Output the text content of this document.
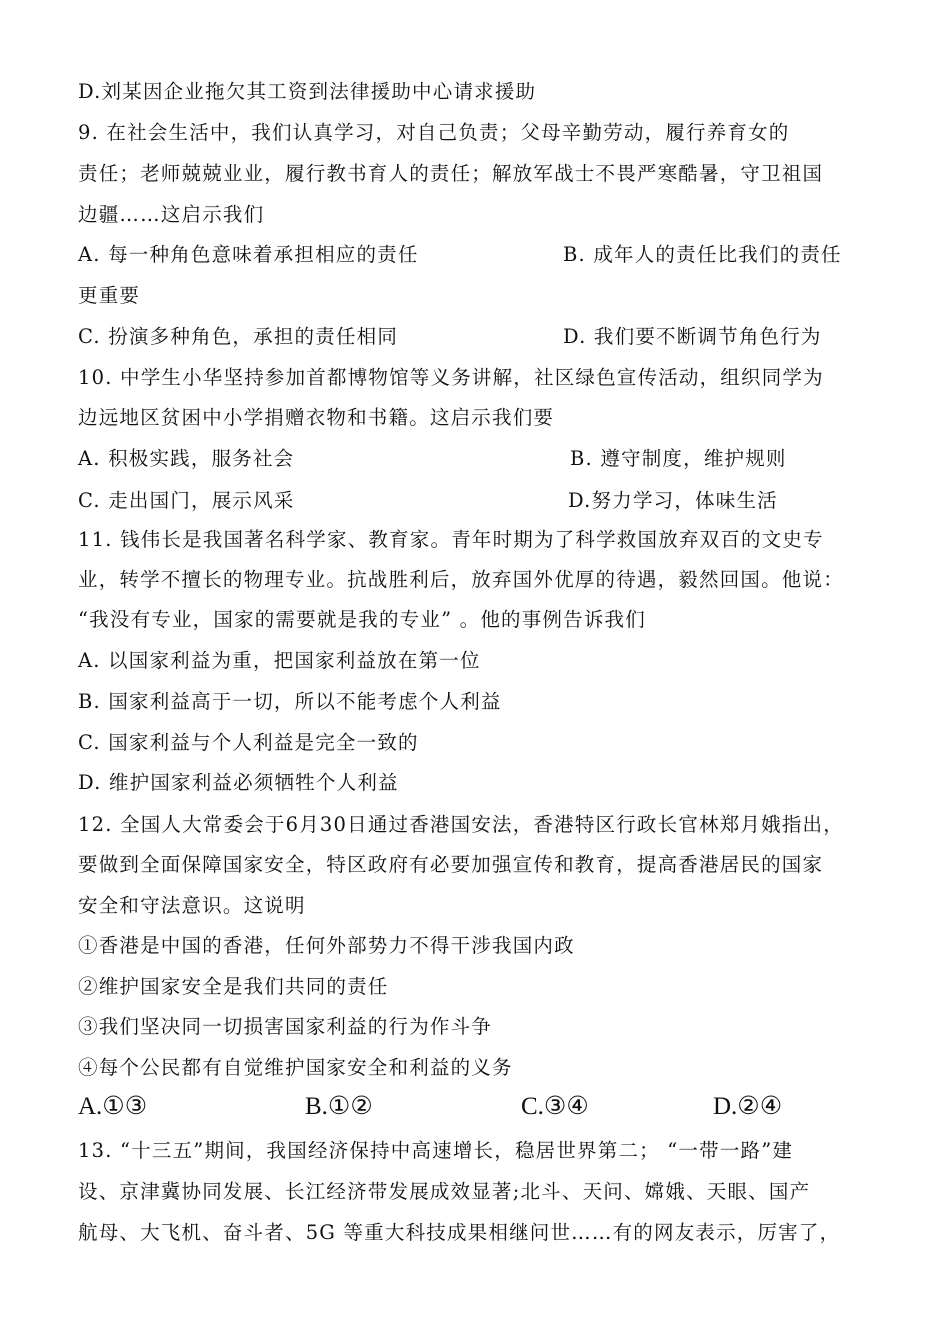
D.刘某因企业拖欠其工资到法律援助中心请求援助
9. 在社会生活中，我们认真学习，对自己负责；父母辛勤劳动，履行养育女的
责任；老师兢兢业业，履行教书育人的责任；解放军战士不畏严寒酷暑，守卫祖国
边疆……这启示我们
A. 每一种角色意味着承担相应的责任	B. 成年人的责任比我们的责任
更重要
C. 扮演多种角色，承担的责任相同	D. 我们要不断调节角色行为
10. 中学生小华坚持参加首都博物馆等义务讲解，社区绿色宣传活动，组织同学为
边远地区贫困中小学捐赠衣物和书籍。这启示我们要
A. 积极实践，服务社会	B. 遵守制度，维护规则
C. 走出国门，展示风采	D.努力学习，体味生活
11. 钱伟长是我国著名科学家、教育家。青年时期为了科学救国放弃双百的文史专
业，转学不擅长的物理专业。抗战胜利后，放弃国外优厚的待遇，毅然回国。他说：
“我没有专业，国家的需要就是我的专业” 。他的事例告诉我们
A. 以国家利益为重，把国家利益放在第一位
B. 国家利益高于一切，所以不能考虑个人利益
C. 国家利益与个人利益是完全一致的
D. 维护国家利益必须牺牲个人利益
12. 全国人大常委会于6月30日通过香港国安法，香港特区行政长官林郑月娥指出，
要做到全面保障国家安全，特区政府有必要加强宣传和教育，提高香港居民的国家
安全和守法意识。这说明
①香港是中国的香港，任何外部势力不得干涉我国内政
②维护国家安全是我们共同的责任
③我们坚决同一切损害国家利益的行为作斗争
④每个公民都有自觉维护国家安全和利益的义务
A.①③	B.①②	C.③④	D.②④
13. “十三五”期间，我国经济保持中高速增长，稳居世界第二； “一带一路”建
设、京津冀协同发展、长江经济带发展成效显著;北斗、天问、嫦娥、天眼、国产
航母、大飞机、奋斗者、5G 等重大科技成果相继问世……有的网友表示，厉害了，
